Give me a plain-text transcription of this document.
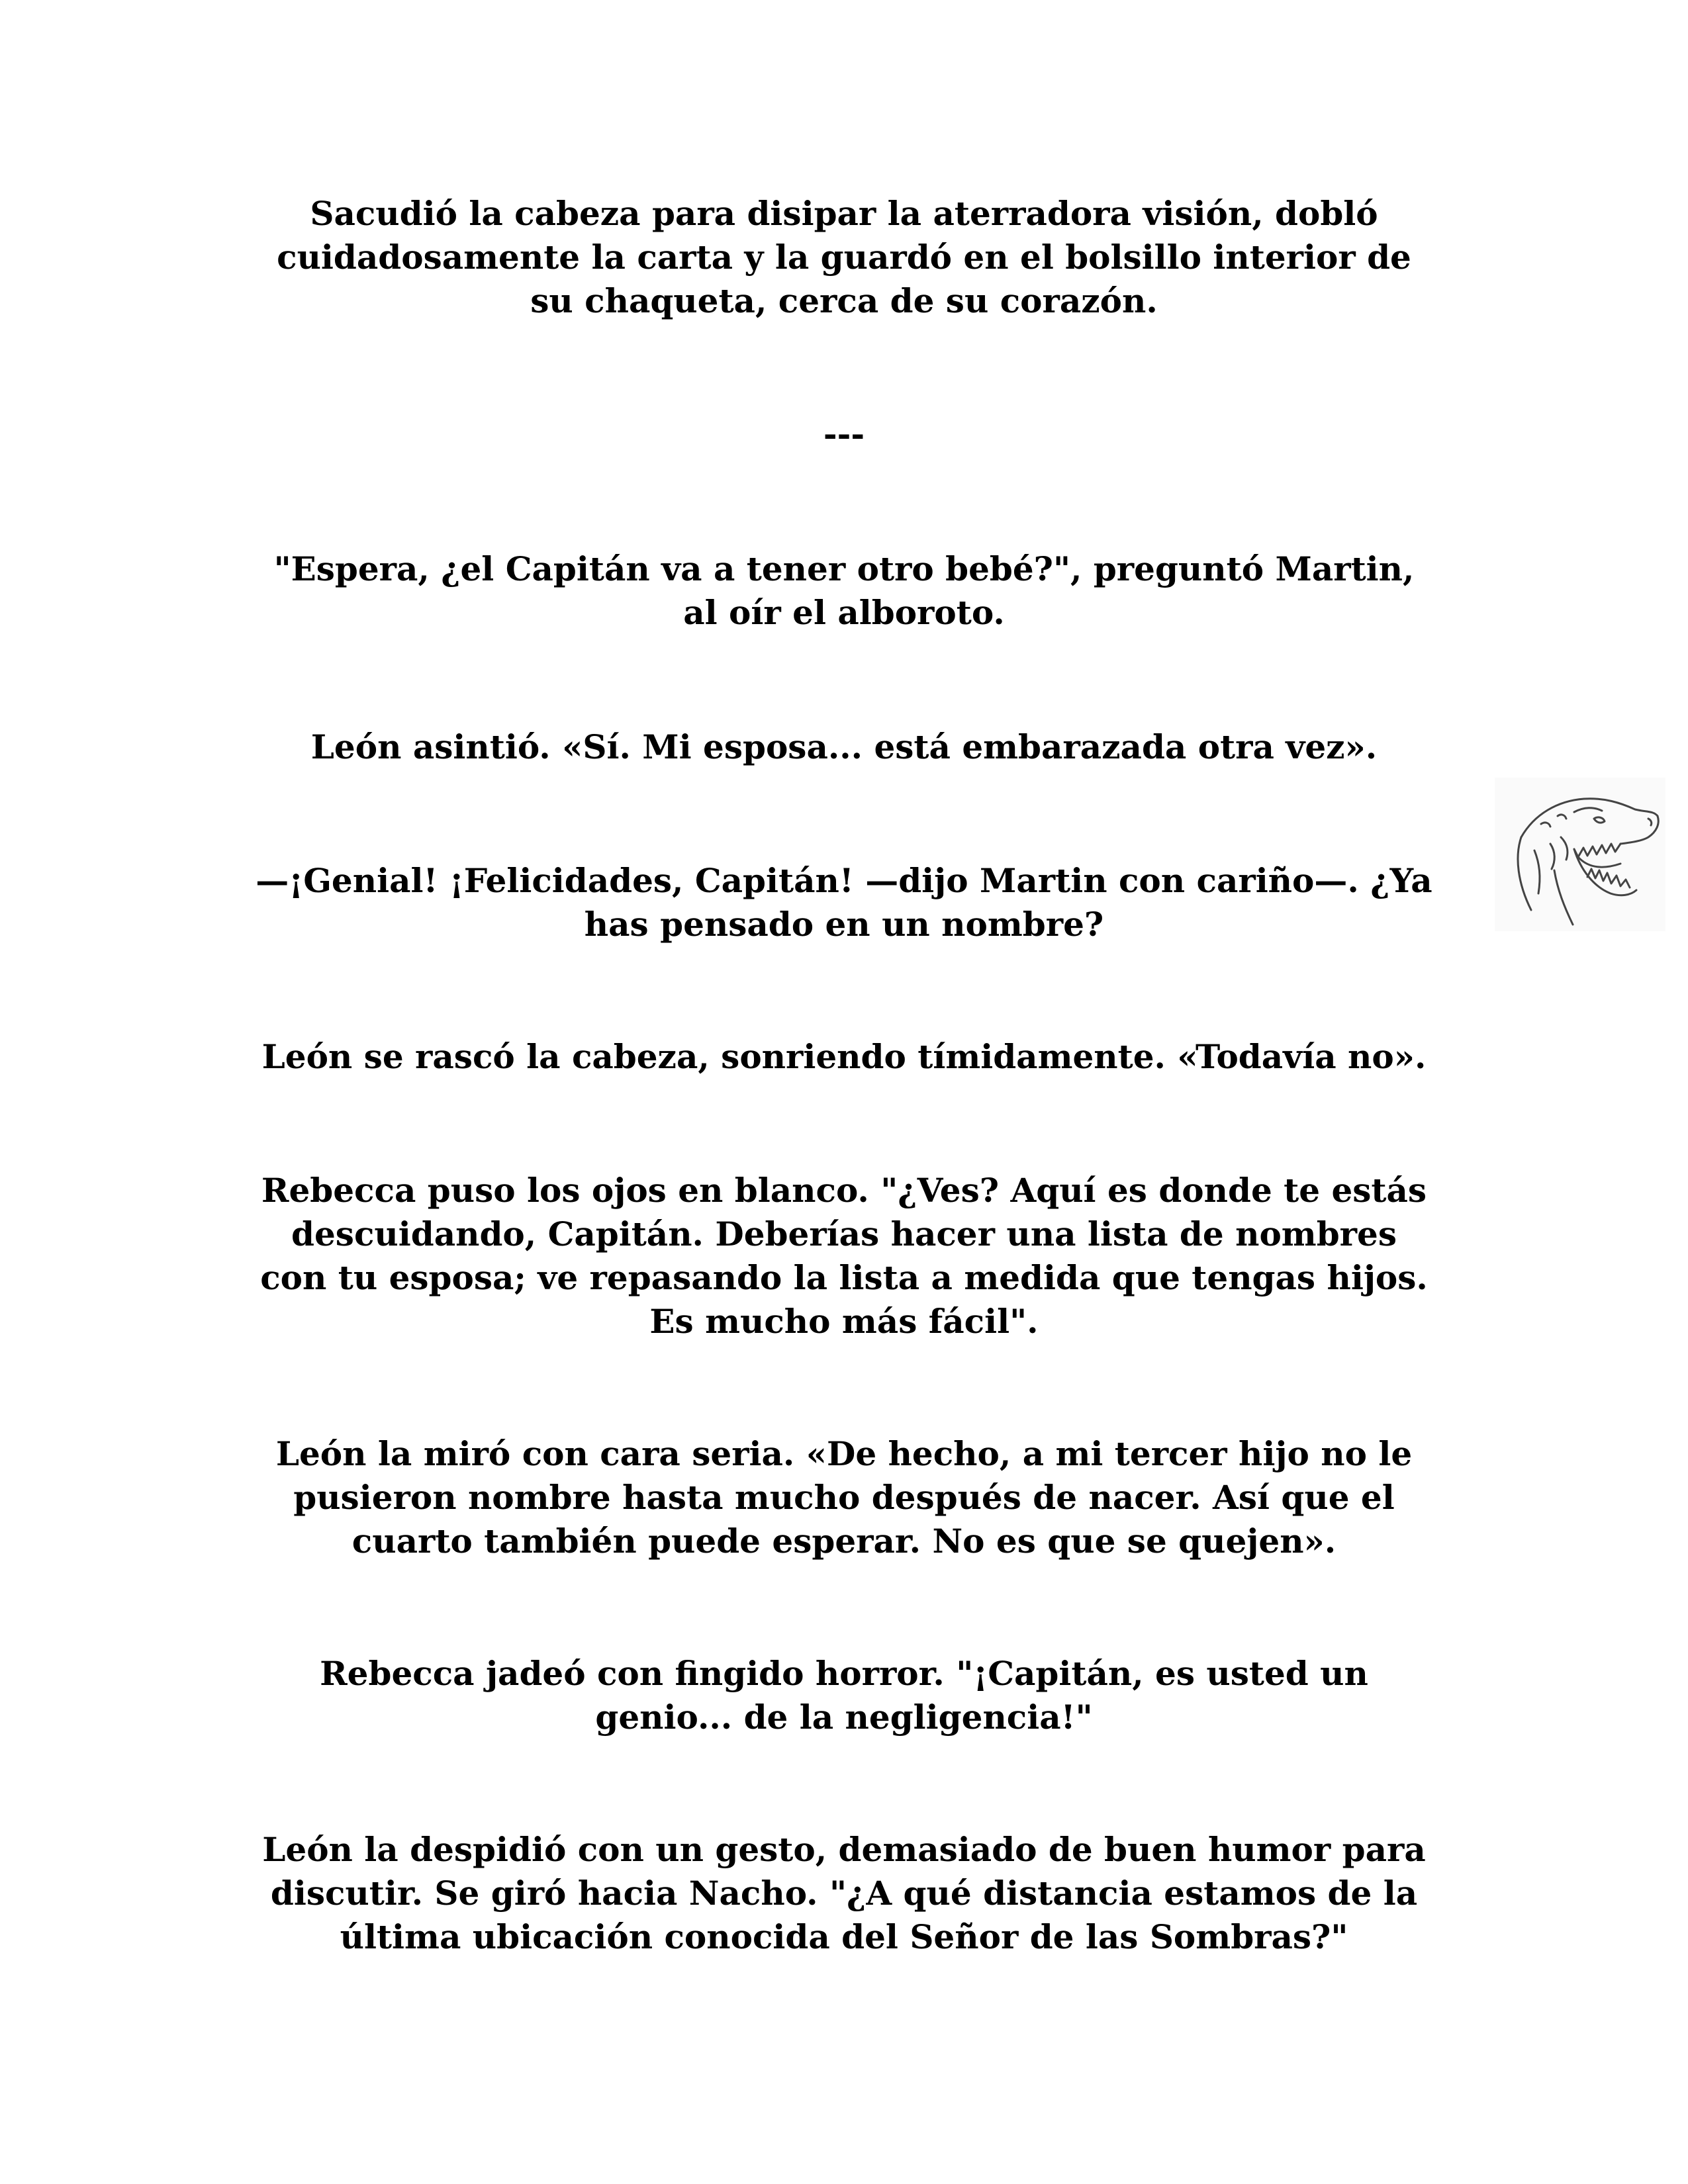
Sacudió la cabeza para disipar la aterradora visión, dobló
cuidadosamente la carta y la guardó en el bolsillo interior de
su chaqueta, cerca de su corazón.

---

"Espera, ¿el Capitán va a tener otro bebé?", preguntó Martin,
al oír el alboroto.

León asintió. «Sí. Mi esposa... está embarazada otra vez».

—¡Genial! ¡Felicidades, Capitán! —dijo Martin con cariño—. ¿Ya
has pensado en un nombre?

León se rascó la cabeza, sonriendo tímidamente. «Todavía no».

Rebecca puso los ojos en blanco. "¿Ves? Aquí es donde te estás
descuidando, Capitán. Deberías hacer una lista de nombres
con tu esposa; ve repasando la lista a medida que tengas hijos.
Es mucho más fácil".

León la miró con cara seria. «De hecho, a mi tercer hijo no le
pusieron nombre hasta mucho después de nacer. Así que el
cuarto también puede esperar. No es que se quejen».

Rebecca jadeó con fingido horror. "¡Capitán, es usted un
genio... de la negligencia!"

León la despidió con un gesto, demasiado de buen humor para
discutir. Se giró hacia Nacho. "¿A qué distancia estamos de la
última ubicación conocida del Señor de las Sombras?"
